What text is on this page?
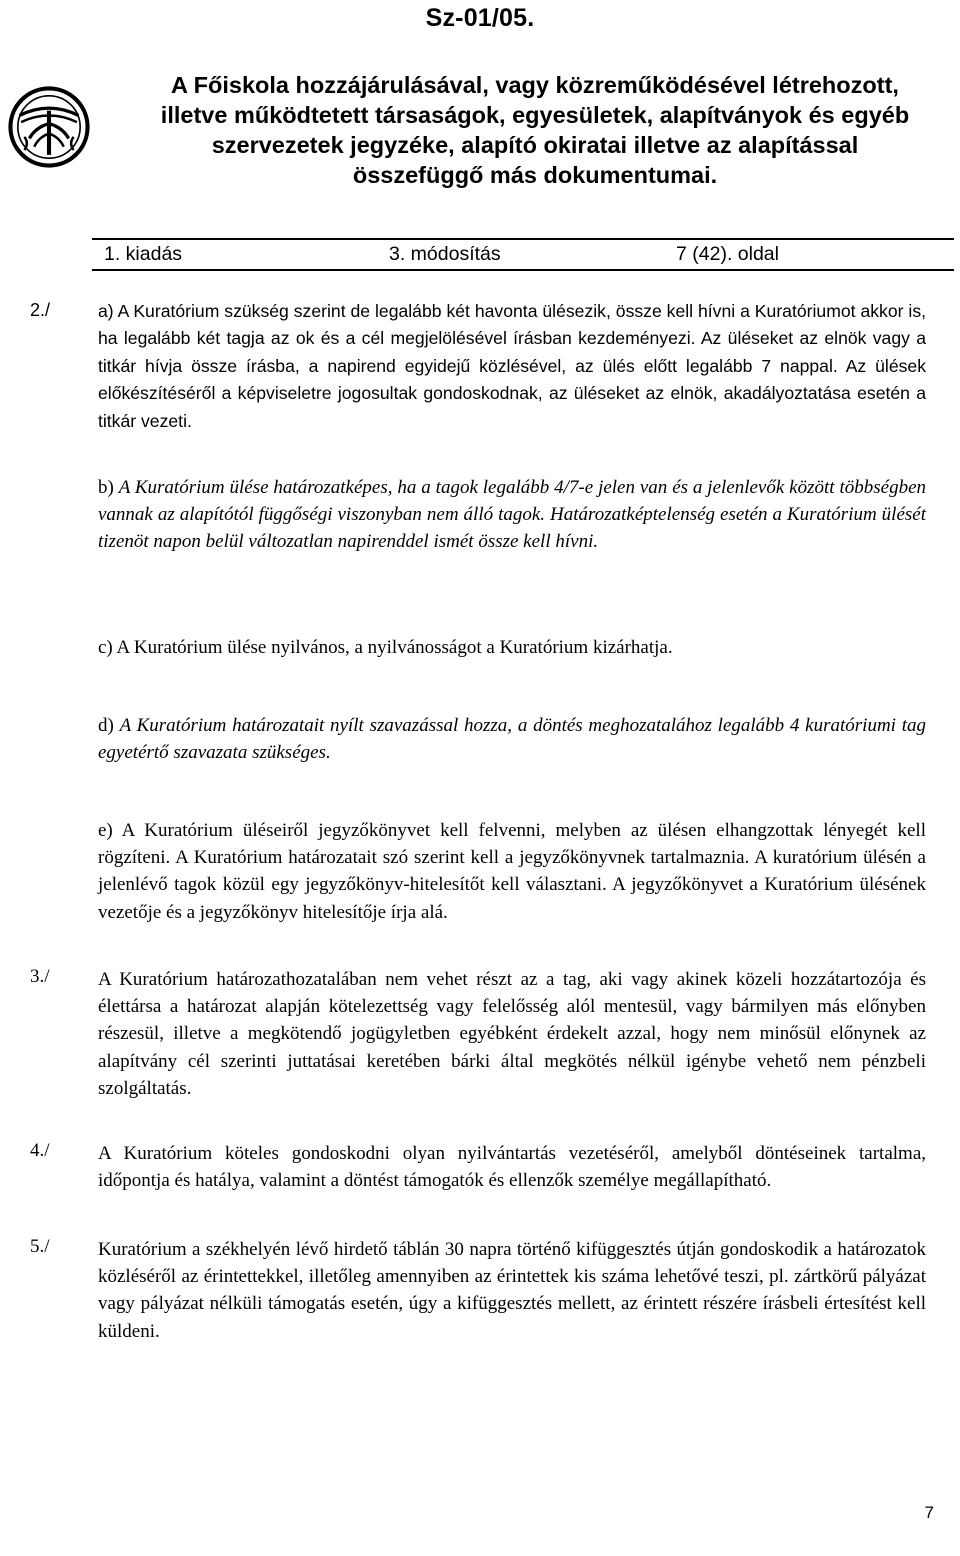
Sz-01/05.
A Főiskola hozzájárulásával, vagy közreműködésével létrehozott,
illetve működtetett társaságok, egyesületek, alapítványok és egyéb
szervezetek jegyzéke, alapító okiratai illetve az alapítással
összefüggő más dokumentumai.
1. kiadás	3. módosítás	7 (42). oldal
2./	a) A Kuratórium szükség szerint de legalább két havonta ülésezik, össze kell hívni a Kuratóriumot akkor is, ha legalább két tagja az ok és a cél megjelölésével írásban kezdeményezi. Az üléseket az elnök vagy a titkár hívja össze írásba, a napirend egyidejű közlésével, az ülés előtt legalább 7 nappal. Az ülések előkészítéséről a képviseletre jogosultak gondoskodnak, az üléseket az elnök, akadályoztatása esetén a titkár vezeti.
b) A Kuratórium ülése határozatképes, ha a tagok legalább 4/7-e jelen van és a jelenlevők között többségben vannak az alapítótól függőségi viszonyban nem álló tagok. Határozatképtelenség esetén a Kuratórium ülését tizenöt napon belül változatlan napirenddel ismét össze kell hívni.
c) A Kuratórium ülése nyilvános, a nyilvánosságot a Kuratórium kizárhatja.
d) A Kuratórium határozatait nyílt szavazással hozza, a döntés meghozatalához legalább 4 kuratóriumi tag egyetértő szavazata szükséges.
e) A Kuratórium üléseiről jegyzőkönyvet kell felvenni, melyben az ülésen elhangzottak lényegét kell rögzíteni. A Kuratórium határozatait szó szerint kell a jegyzőkönyvnek tartalmaznia. A kuratórium ülésén a jelenlévő tagok közül egy jegyzőkönyv-hitelesítőt kell választani. A jegyzőkönyvet a Kuratórium ülésének vezetője és a jegyzőkönyv hitelesítője írja alá.
3./	A Kuratórium határozathozatalában nem vehet részt az a tag, aki vagy akinek közeli hozzátartozója és élettársa a határozat alapján kötelezettség vagy felelősség alól mentesül, vagy bármilyen más előnyben részesül, illetve a megkötendő jogügyletben egyébként érdekelt azzal, hogy nem minősül előnynek az alapítvány cél szerinti juttatásai keretében bárki által megkötés nélkül igénybe vehető nem pénzbeli szolgáltatás.
4./	A Kuratórium köteles gondoskodni olyan nyilvántartás vezetéséről, amelyből döntéseinek tartalma, időpontja és hatálya, valamint a döntést támogatók és ellenzők személye megállapítható.
5./	Kuratórium a székhelyén lévő hirdető táblán 30 napra történő kifüggesztés útján gondoskodik a határozatok közléséről az érintettekkel, illetőleg amennyiben az érintettek kis száma lehetővé teszi, pl. zártkörű pályázat vagy pályázat nélküli támogatás esetén, úgy a kifüggesztés mellett, az érintett részére írásbeli értesítést kell küldeni.
7
